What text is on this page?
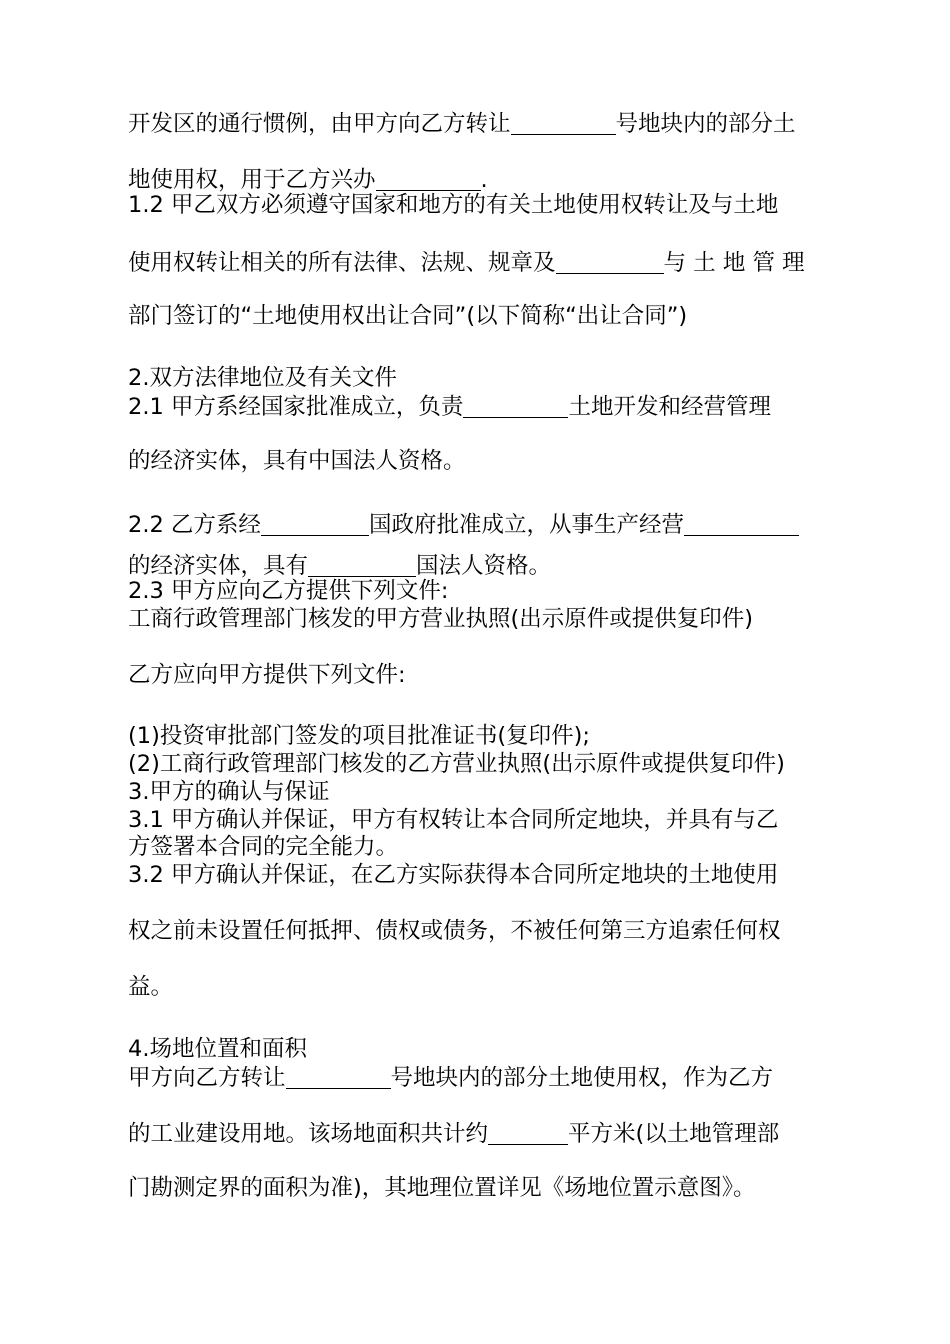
开发区的通行惯例，由甲方向乙方转让	号地块内的部分土
地使用权，用于乙方兴办	.
1.2 甲乙双方必须遵守国家和地方的有关土地使用权转让及与土地
使用权转让相关的所有法律、法规、规章及	与 土 地 管 理
部门签订的“土地使用权出让合同”(以下简称“出让合同”)
2.双方法律地位及有关文件
2.1 甲方系经国家批准成立，负责	土地开发和经营管理
的经济实体，具有中国法人资格。
2.2 乙方系经	国政府批准成立，从事生产经营
的经济实体，具有	国法人资格。
2.3 甲方应向乙方提供下列文件:
工商行政管理部门核发的甲方营业执照(出示原件或提供复印件)
乙方应向甲方提供下列文件:
(1)投资审批部门签发的项目批准证书(复印件);
(2)工商行政管理部门核发的乙方营业执照(出示原件或提供复印件)
3.甲方的确认与保证
3.1 甲方确认并保证，甲方有权转让本合同所定地块，并具有与乙
方签署本合同的完全能力。
3.2 甲方确认并保证，在乙方实际获得本合同所定地块的土地使用
权之前未设置任何抵押、债权或债务，不被任何第三方追索任何权
益。
4.场地位置和面积
甲方向乙方转让	号地块内的部分土地使用权，作为乙方
的工业建设用地。该场地面积共计约	平方米(以土地管理部
门勘测定界的面积为准)，其地理位置详见《场地位置示意图》。
